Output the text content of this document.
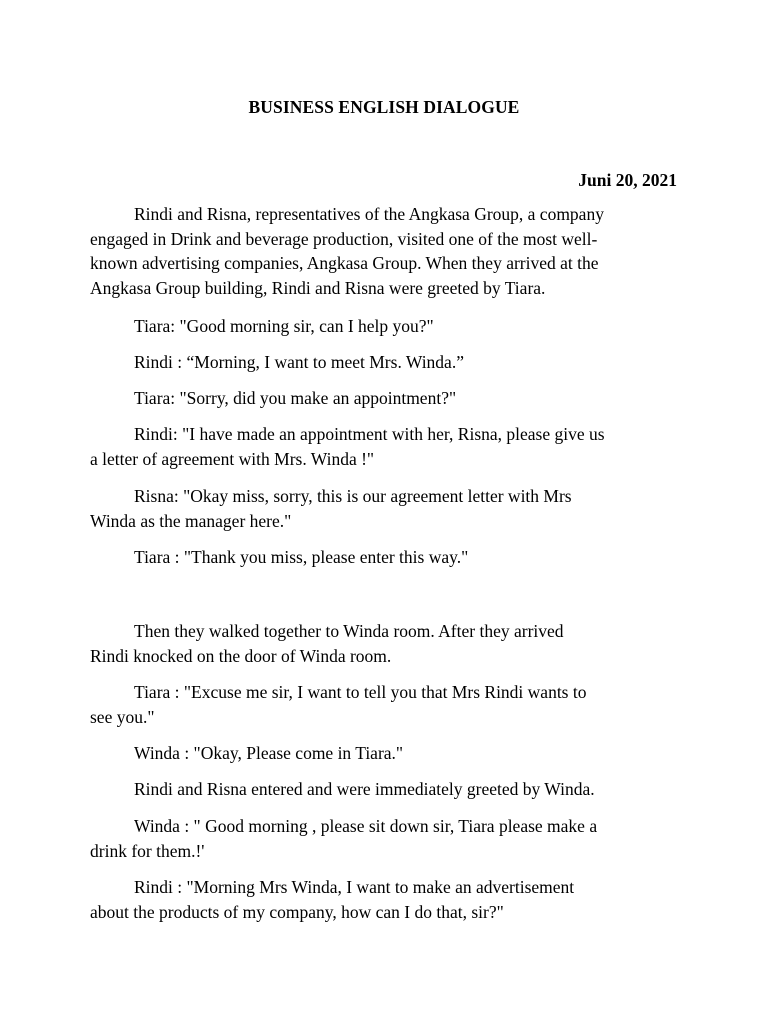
BUSINESS ENGLISH DIALOGUE
Juni 20, 2021
Rindi and Risna, representatives of the Angkasa Group, a company
engaged in Drink and beverage production, visited one of the most well-
known advertising companies, Angkasa Group. When they arrived at the
Angkasa Group building, Rindi and Risna were greeted by Tiara.
Tiara: "Good morning sir, can I help you?"
Rindi : “Morning, I want to meet Mrs. Winda.”
Tiara: "Sorry, did you make an appointment?"
Rindi: "I have made an appointment with her, Risna, please give us
a letter of agreement with Mrs. Winda !"
Risna: "Okay miss, sorry, this is our agreement letter with Mrs
Winda as the manager here."
Tiara : "Thank you miss, please enter this way."
Then they walked together to Winda room. After they arrived
Rindi knocked on the door of Winda room.
Tiara : "Excuse me sir, I want to tell you that Mrs Rindi wants to
see you."
Winda : "Okay, Please come in Tiara."
Rindi and Risna entered and were immediately greeted by Winda.
Winda : " Good morning , please sit down sir, Tiara please make a
drink for them.!'
Rindi : "Morning Mrs Winda, I want to make an advertisement
about the products of my company, how can I do that, sir?"
